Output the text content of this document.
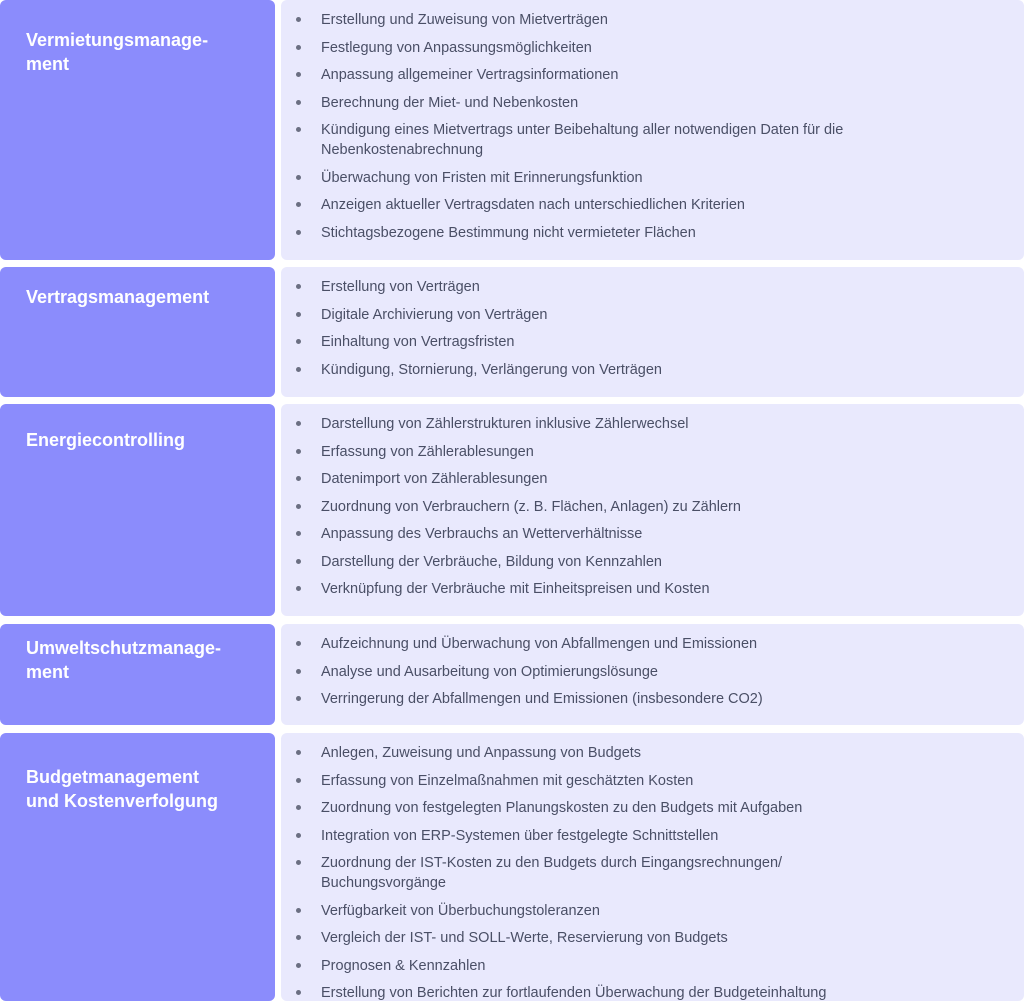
Vermietungsmanage-
ment
Erstellung und Zuweisung von Mietverträgen
Festlegung von Anpassungsmöglichkeiten
Anpassung allgemeiner Vertragsinformationen
Berechnung der Miet- und Nebenkosten
Kündigung eines Mietvertrags unter Beibehaltung aller notwendigen Daten für die Nebenkostenabrechnung
Überwachung von Fristen mit Erinnerungsfunktion
Anzeigen aktueller Vertragsdaten nach unterschiedlichen Kriterien
Stichtagsbezogene Bestimmung nicht vermieteter Flächen
Vertragsmanagement	Erstellung von Verträgen
Digitale Archivierung von Verträgen
Einhaltung von Vertragsfristen
Kündigung, Stornierung, Verlängerung von Verträgen
Energiecontrolling
Darstellung von Zählerstrukturen inklusive Zählerwechsel
Erfassung von Zählerablesungen
Datenimport von Zählerablesungen
Zuordnung von Verbrauchern (z. B. Flächen, Anlagen) zu Zählern
Anpassung des Verbrauchs an Wetterverhältnisse
Darstellung der Verbräuche, Bildung von Kennzahlen
Verknüpfung der Verbräuche mit Einheitspreisen und Kosten
Umweltschutzmanage-
ment
Aufzeichnung und Überwachung von Abfallmengen und Emissionen
Analyse und Ausarbeitung von Optimierungslösunge
Verringerung der Abfallmengen und Emissionen (insbesondere CO2)
Budgetmanagement
und Kostenverfolgung
Anlegen, Zuweisung und Anpassung von Budgets
Erfassung von Einzelmaßnahmen mit geschätzten Kosten
Zuordnung von festgelegten Planungskosten zu den Budgets mit Aufgaben
Integration von ERP-Systemen über festgelegte Schnittstellen
Zuordnung der IST-Kosten zu den Budgets durch Eingangsrechnungen/ Buchungsvorgänge
Verfügbarkeit von Überbuchungstoleranzen
Vergleich der IST- und SOLL-Werte, Reservierung von Budgets
Prognosen & Kennzahlen
Erstellung von Berichten zur fortlaufenden Überwachung der Budgeteinhaltung
